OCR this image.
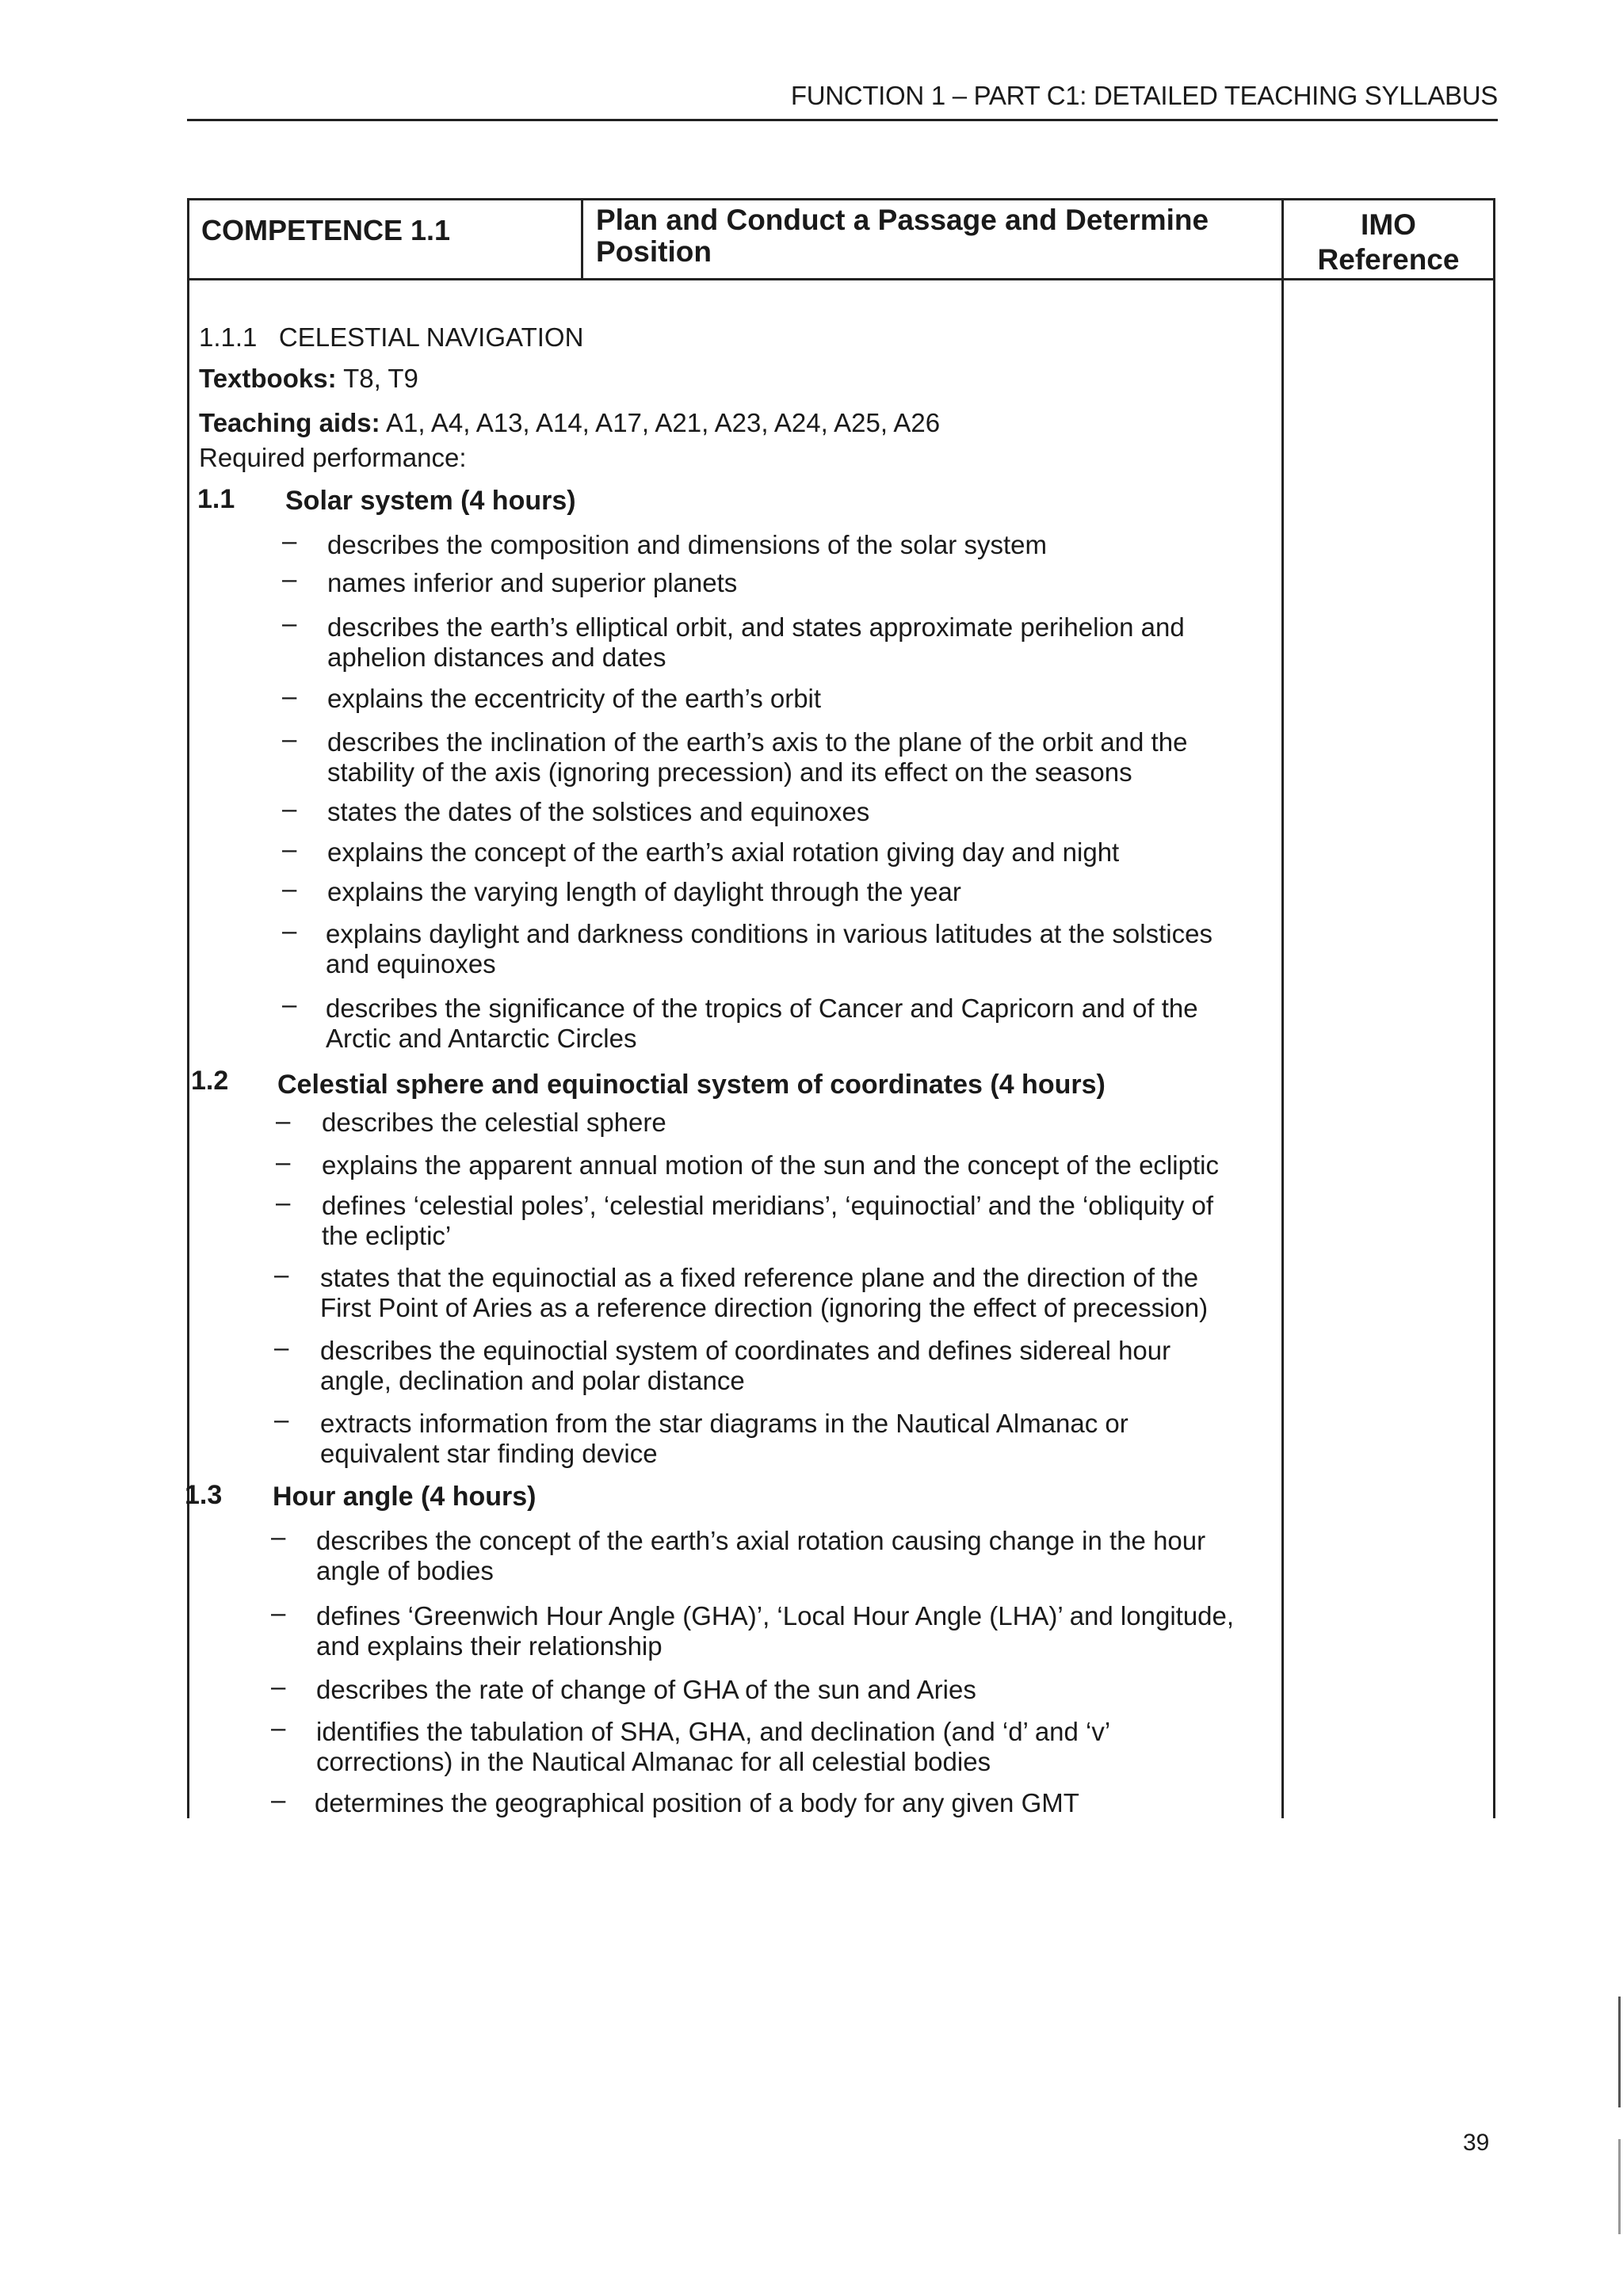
FUNCTION 1 – PART C1: DETAILED TEACHING SYLLABUS
COMPETENCE 1.1	Plan and Conduct a Passage and Determine Position
IMO
Reference
1.1.1 CELESTIAL NAVIGATION
Textbooks: T8, T9
Teaching aids: A1, A4, A13, A14, A17, A21, A23, A24, A25, A26
Required performance:
1.1 Solar system (4 hours)
– describes the composition and dimensions of the solar system
– names inferior and superior planets
– describes the earth’s elliptical orbit, and states approximate perihelion and aphelion distances and dates
– explains the eccentricity of the earth’s orbit
– describes the inclination of the earth’s axis to the plane of the orbit and the stability of the axis (ignoring precession) and its effect on the seasons
– states the dates of the solstices and equinoxes
– explains the concept of the earth’s axial rotation giving day and night
– explains the varying length of daylight through the year
– explains daylight and darkness conditions in various latitudes at the solstices and equinoxes
– describes the significance of the tropics of Cancer and Capricorn and of the Arctic and Antarctic Circles
1.2 Celestial sphere and equinoctial system of coordinates (4 hours)
– describes the celestial sphere
– explains the apparent annual motion of the sun and the concept of the ecliptic
– defines ‘celestial poles’, ‘celestial meridians’, ‘equinoctial’ and the ‘obliquity of the ecliptic’
– states that the equinoctial as a fixed reference plane and the direction of the First Point of Aries as a reference direction (ignoring the effect of precession)
– describes the equinoctial system of coordinates and defines sidereal hour angle, declination and polar distance
– extracts information from the star diagrams in the Nautical Almanac or equivalent star finding device
1.3 Hour angle (4 hours)
– describes the concept of the earth’s axial rotation causing change in the hour angle of bodies
– defines ‘Greenwich Hour Angle (GHA)’, ‘Local Hour Angle (LHA)’ and longitude, and explains their relationship
– describes the rate of change of GHA of the sun and Aries
– identifies the tabulation of SHA, GHA, and declination (and ‘d’ and ‘v’ corrections) in the Nautical Almanac for all celestial bodies
– determines the geographical position of a body for any given GMT
39
